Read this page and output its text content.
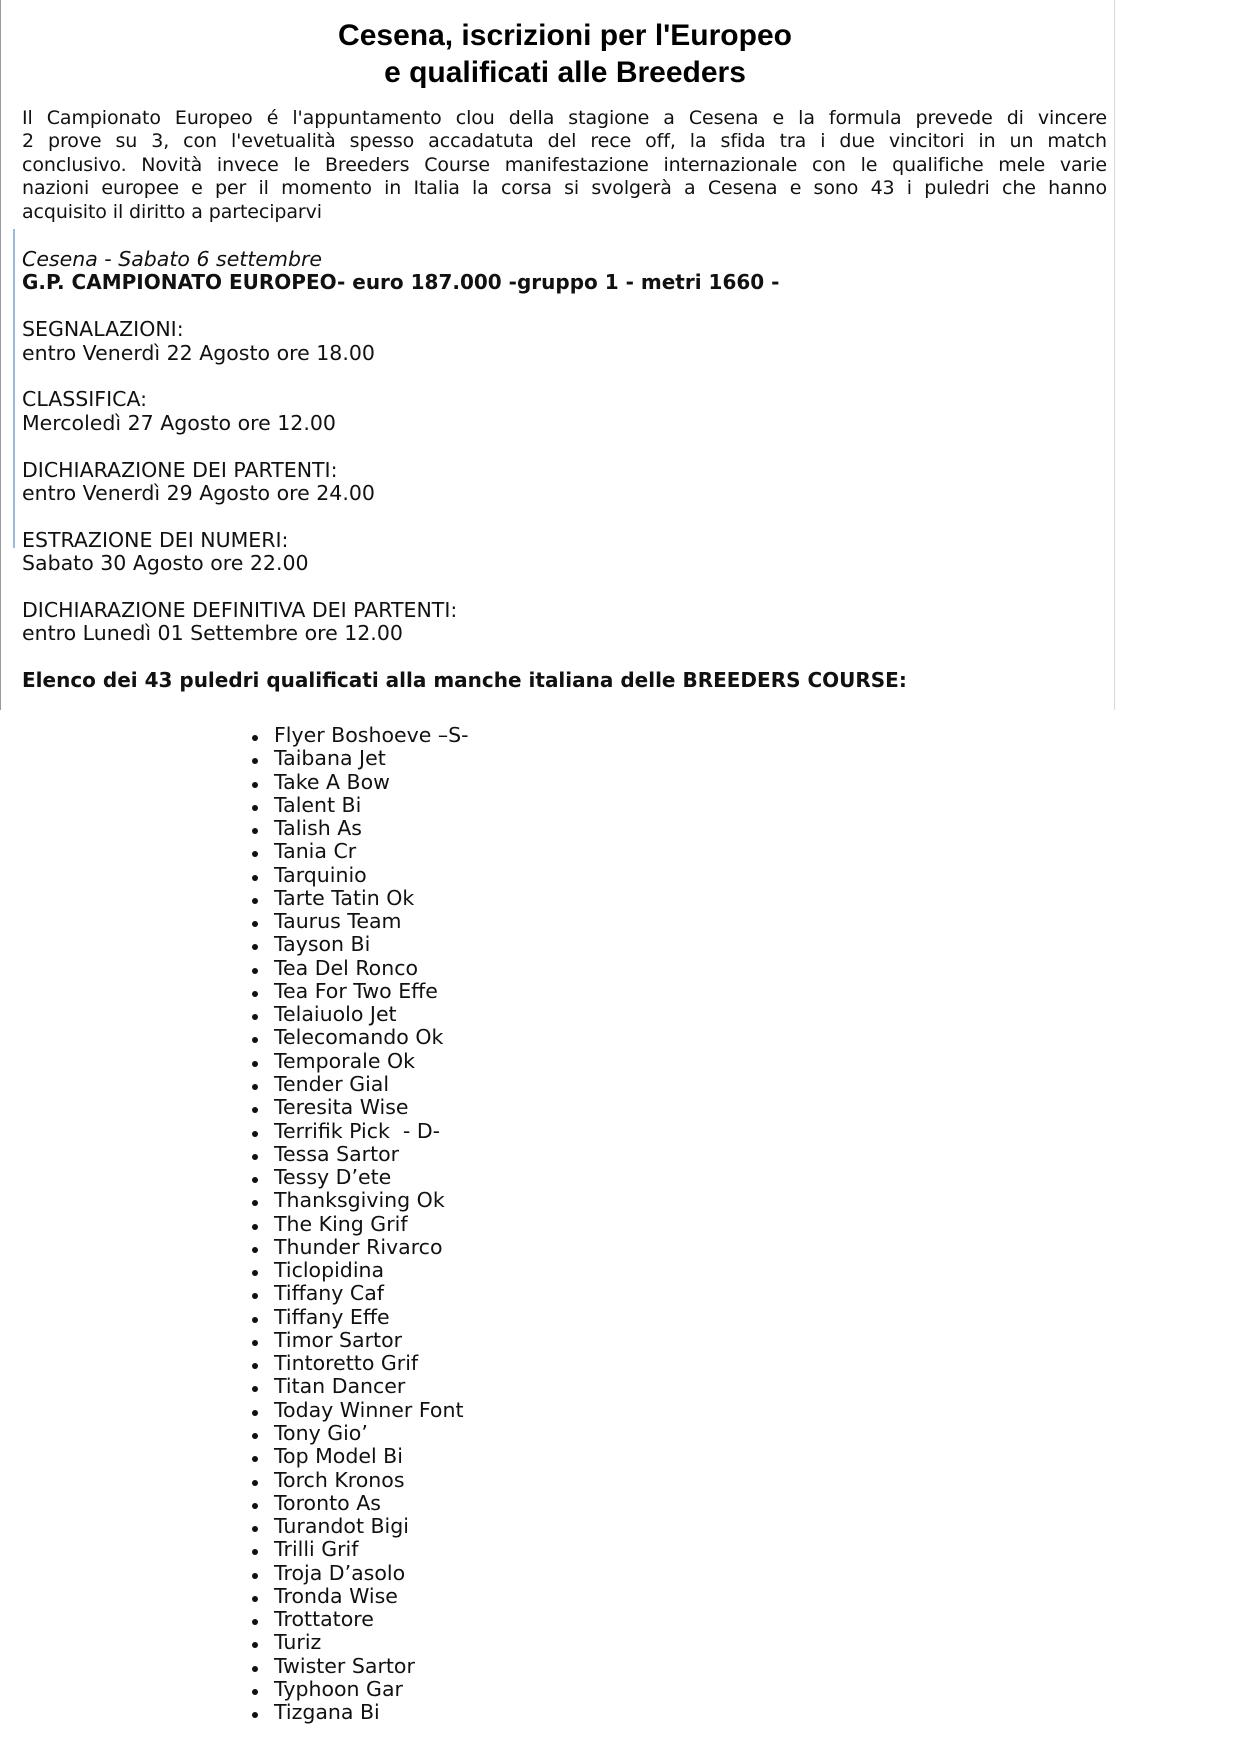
Cesena, iscrizioni per l'Europeo
e qualificati alle Breeders
Il Campionato Europeo é l'appuntamento clou della stagione a Cesena e la formula prevede di vincere
2 prove su 3, con l'evetualità spesso accadatuta del rece off, la sfida tra i due vincitori in un match
conclusivo. Novità invece le Breeders Course manifestazione internazionale con le qualifiche mele varie
nazioni europee e per il momento in Italia la corsa si svolgerà a Cesena e sono 43 i puledri che hanno
acquisito il diritto a parteciparvi
Cesena - Sabato 6 settembre
G.P. CAMPIONATO EUROPEO- euro 187.000 -gruppo 1 - metri 1660 -
SEGNALAZIONI:
entro Venerdì 22 Agosto ore 18.00
CLASSIFICA:
Mercoledì 27 Agosto ore 12.00
DICHIARAZIONE DEI PARTENTI:
entro Venerdì 29 Agosto ore 24.00
ESTRAZIONE DEI NUMERI:
Sabato 30 Agosto ore 22.00
DICHIARAZIONE DEFINITIVA DEI PARTENTI:
entro Lunedì 01 Settembre ore 12.00
Elenco dei 43 puledri qualificati alla manche italiana delle BREEDERS COURSE:
Flyer Boshoeve –S-
Taibana Jet
Take A Bow
Talent Bi
Talish As
Tania Cr
Tarquinio
Tarte Tatin Ok
Taurus Team
Tayson Bi
Tea Del Ronco
Tea For Two Effe
Telaiuolo Jet
Telecomando Ok
Temporale Ok
Tender Gial
Teresita Wise
Terrifik Pick  - D-
Tessa Sartor
Tessy D’ete
Thanksgiving Ok
The King Grif
Thunder Rivarco
Ticlopidina
Tiffany Caf
Tiffany Effe
Timor Sartor
Tintoretto Grif
Titan Dancer
Today Winner Font
Tony Gio’
Top Model Bi
Torch Kronos
Toronto As
Turandot Bigi
Trilli Grif
Troja D’asolo
Tronda Wise
Trottatore
Turiz
Twister Sartor
Typhoon Gar
Tizgana Bi
